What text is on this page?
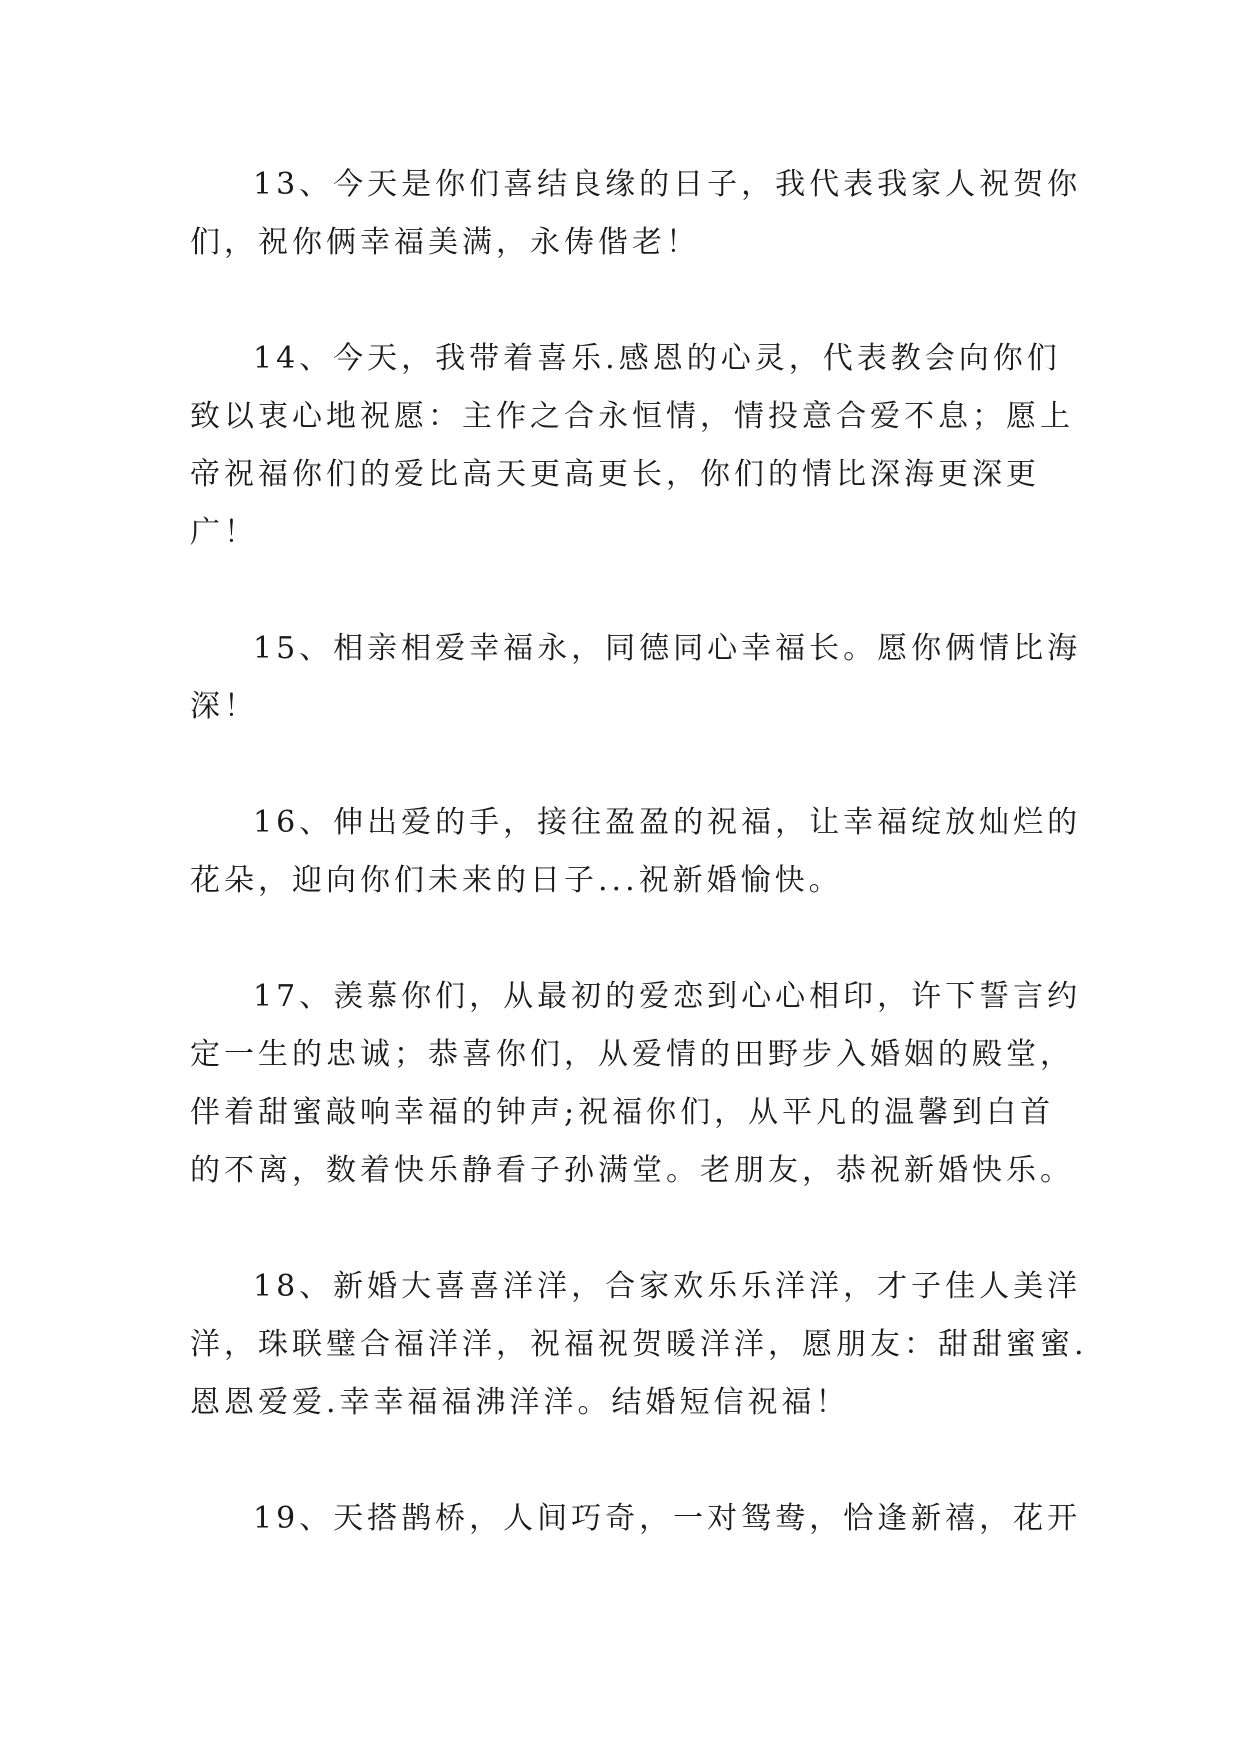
13、今天是你们喜结良缘的日子，我代表我家人祝贺你
们，祝你俩幸福美满，永俦偕老！
14、今天，我带着喜乐.感恩的心灵，代表教会向你们
致以衷心地祝愿：主作之合永恒情，情投意合爱不息；愿上
帝祝福你们的爱比高天更高更长，你们的情比深海更深更
广！
15、相亲相爱幸福永，同德同心幸福长。愿你俩情比海
深！
16、伸出爱的手，接往盈盈的祝福，让幸福绽放灿烂的
花朵，迎向你们未来的日子...祝新婚愉快。
17、羡慕你们，从最初的爱恋到心心相印，许下誓言约
定一生的忠诚；恭喜你们，从爱情的田野步入婚姻的殿堂，
伴着甜蜜敲响幸福的钟声;祝福你们，从平凡的温馨到白首
的不离，数着快乐静看子孙满堂。老朋友，恭祝新婚快乐。
18、新婚大喜喜洋洋，合家欢乐乐洋洋，才子佳人美洋
洋，珠联璧合福洋洋，祝福祝贺暖洋洋，愿朋友：甜甜蜜蜜.
恩恩爱爱.幸幸福福沸洋洋。结婚短信祝福！
19、天搭鹊桥，人间巧奇，一对鸳鸯，恰逢新禧，花开
